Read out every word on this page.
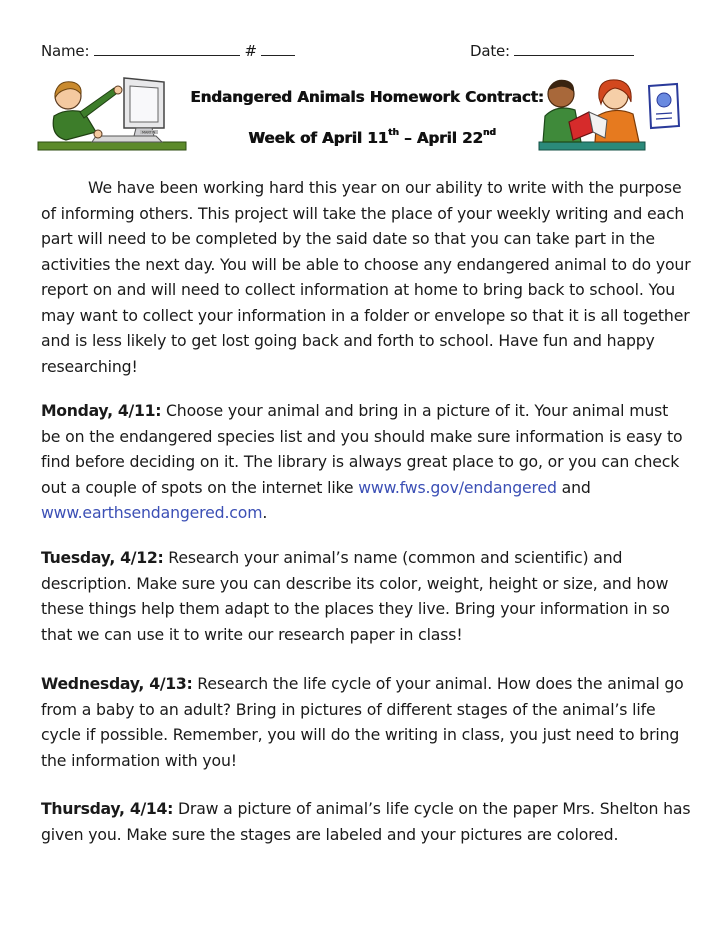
Name:	#	Date:
MARTIN
Endangered Animals Homework Contract:
Week of April 11th – April 22nd

We have been working hard this year on our ability to write with the purpose of informing others. This project will take the place of your weekly writing and each part will need to be completed by the said date so that you can take part in the activities the next day. You will be able to choose any endangered animal to do your report on and will need to collect information at home to bring back to school. You may want to collect your information in a folder or envelope so that it is all together and is less likely to get lost going back and forth to school. Have fun and happy researching!

Monday, 4/11: Choose your animal and bring in a picture of it. Your animal must be on the endangered species list and you should make sure information is easy to find before deciding on it. The library is always great place to go, or you can check out a couple of spots on the internet like www.fws.gov/endangered and www.earthsendangered.com.

Tuesday, 4/12: Research your animal’s name (common and scientific) and description. Make sure you can describe its color, weight, height or size, and how these things help them adapt to the places they live. Bring your information in so that we can use it to write our research paper in class!

Wednesday, 4/13: Research the life cycle of your animal. How does the animal go from a baby to an adult? Bring in pictures of different stages of the animal’s life cycle if possible. Remember, you will do the writing in class, you just need to bring the information with you!

Thursday, 4/14: Draw a picture of animal’s life cycle on the paper Mrs. Shelton has given you. Make sure the stages are labeled and your pictures are colored.
